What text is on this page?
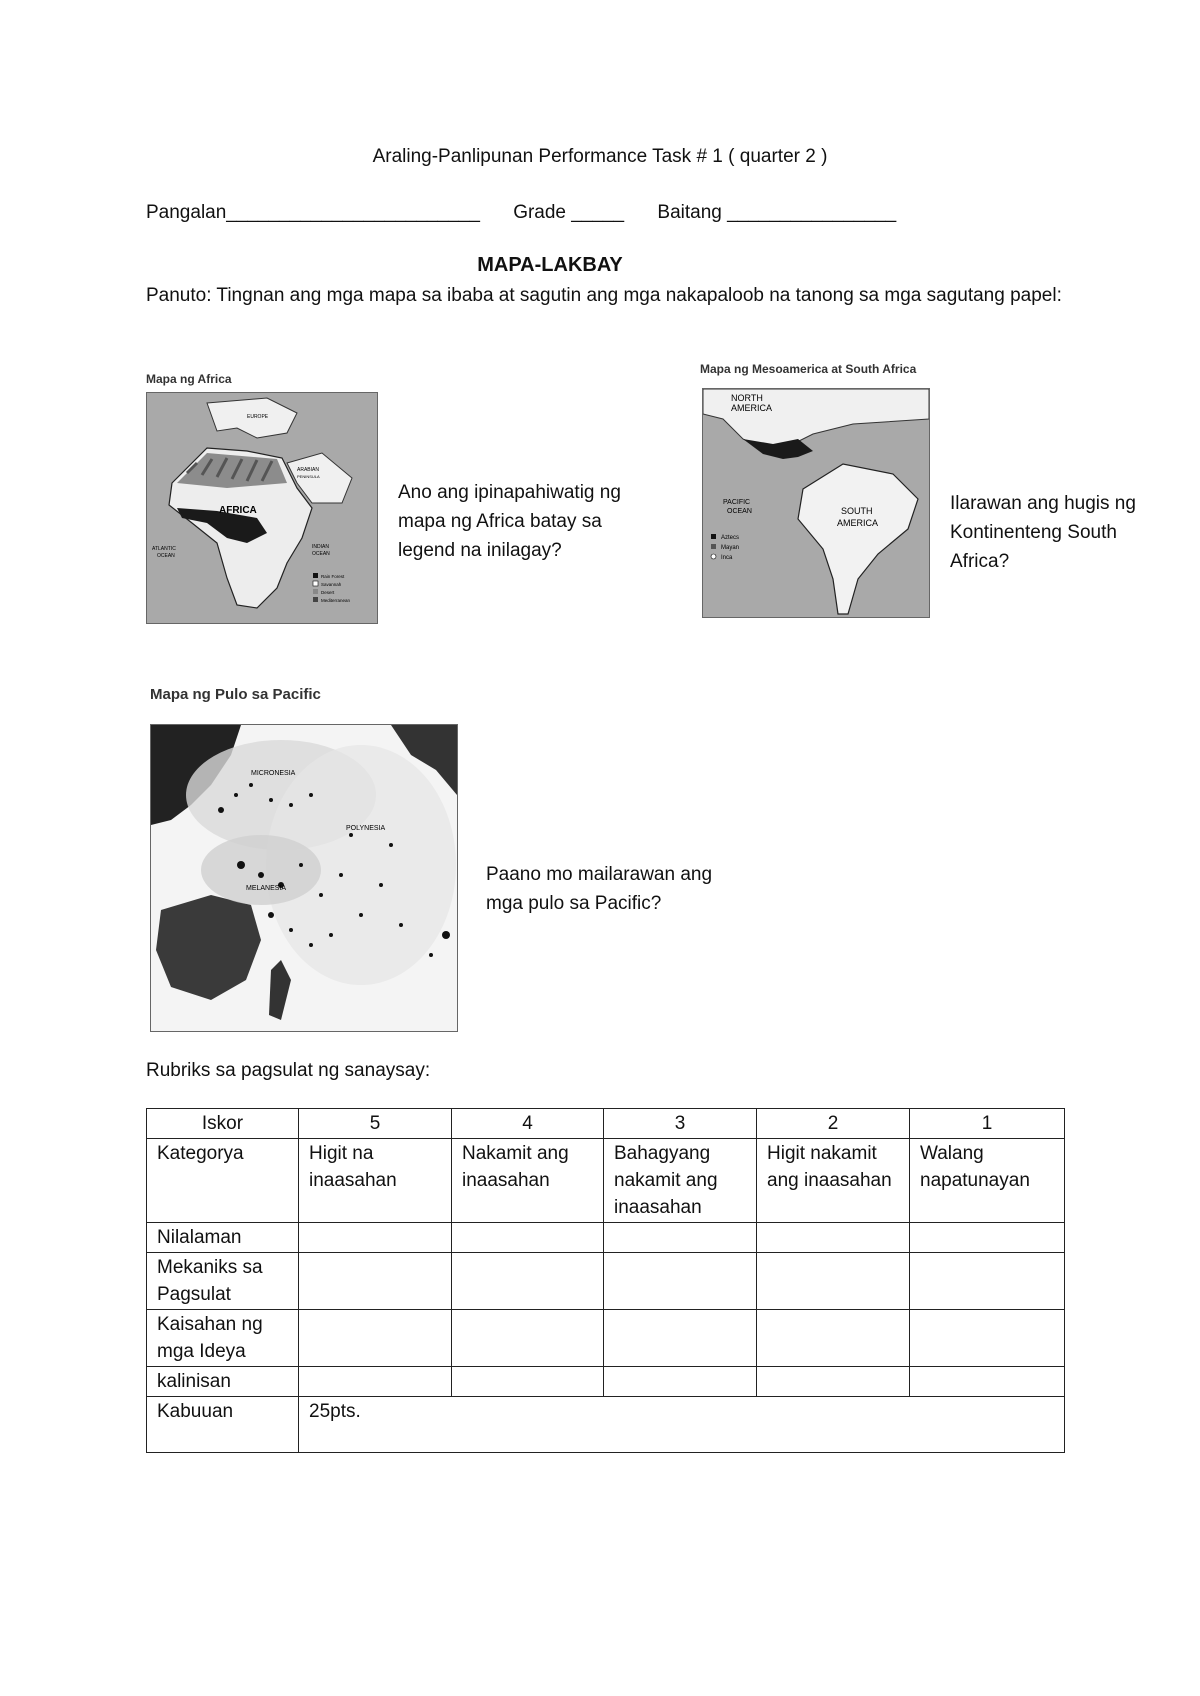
Araling-Panlipunan Performance Task # 1 ( quarter 2 )
Pangalan________________________ Grade _____ Baitang ________________
MAPA-LAKBAY
Panuto: Tingnan ang mga mapa sa ibaba at sagutin ang mga nakapaloob na tanong sa mga sagutang papel:
Mapa ng Africa
AFRICA
EUROPE
ARABIAN
PENINSULA
ATLANTIC
OCEAN
INDIAN
OCEAN
Rain Forest
Savannah
Desert
Mediterranean
Ano ang ipinapahiwatig ng mapa ng Africa batay sa legend na inilagay?
Mapa ng Mesoamerica at South Africa
NORTH
AMERICA
PACIFIC
OCEAN	SOUTH
AMERICA
Aztecs
Mayan
Inca
Ilarawan ang hugis ng Kontinenteng South Africa?
Mapa ng Pulo sa Pacific
MICRONESIA
POLYNESIA
MELANESIA
Paano mo mailarawan ang mga pulo sa Pacific?
Rubriks sa pagsulat ng sanaysay:
Iskor	5	4	3	2	1
Kategorya	Higit na inaasahan	Nakamit ang inaasahan	Bahagyang nakamit ang inaasahan	Higit nakamit ang inaasahan	Walang napatunayan
Nilalaman					
Mekaniks sa Pagsulat					
Kaisahan ng mga Ideya					
kalinisan					
Kabuuan	25pts.				
